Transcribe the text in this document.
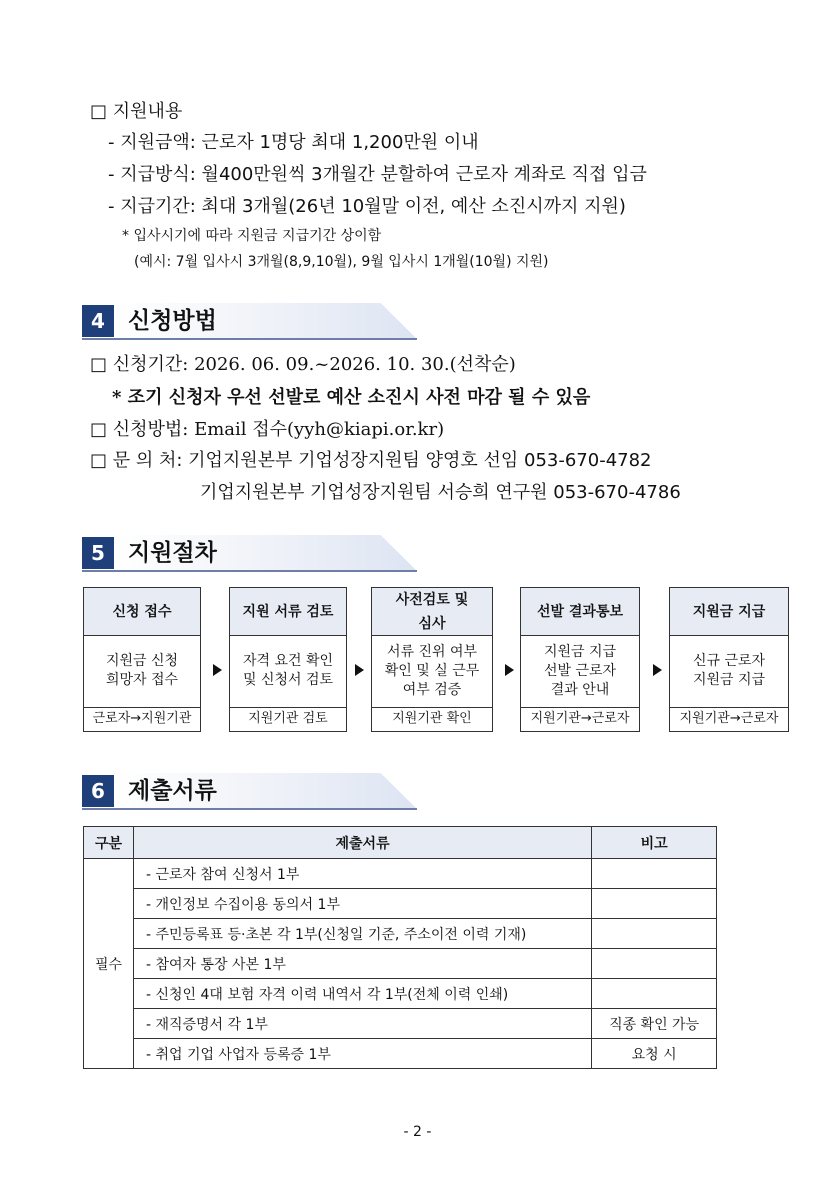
□ 지원내용
- 지원금액: 근로자 1명당 최대 1,200만원 이내
- 지급방식: 월400만원씩 3개월간 분할하여 근로자 계좌로 직접 입금
- 지급기간: 최대 3개월(26년 10월말 이전, 예산 소진시까지 지원)
* 입사시기에 따라 지원금 지급기간 상이함
(예시: 7월 입사시 3개월(8,9,10월), 9월 입사시 1개월(10월) 지원)
4	신청방법
□ 신청기간: 2026. 06. 09.~2026. 10. 30.(선착순)
* 조기 신청자 우선 선발로 예산 소진시 사전 마감 될 수 있음
□ 신청방법: Email 접수(yyh@kiapi.or.kr)
□ 문 의 처: 기업지원본부 기업성장지원팀 양영호 선임 053-670-4782
기업지원본부 기업성장지원팀 서승희 연구원 053-670-4786
5	지원절차
신청 접수
지원금 신청
희망자 접수
근로자→지원기관
지원 서류 검토
자격 요건 확인
및 신청서 검토
지원기관 검토
사전검토 및
심사
서류 진위 여부
확인 및 실 근무
여부 검증
지원기관 확인
선발 결과통보
지원금 지급
선발 근로자
결과 안내
지원기관→근로자
지원금 지급
신규 근로자
지원금 지급
지원기관→근로자
6	제출서류
구분	제출서류	비고
필수	- 근로자 참여 신청서 1부	
	- 개인정보 수집이용 동의서 1부	
	- 주민등록표 등·초본 각 1부(신청일 기준, 주소이전 이력 기재)	
	- 참여자 통장 사본 1부	
	- 신청인 4대 보험 자격 이력 내역서 각 1부(전체 이력 인쇄)	
	- 재직증명서 각 1부	직종 확인 가능
	- 취업 기업 사업자 등록증 1부	요청 시
- 2 -
